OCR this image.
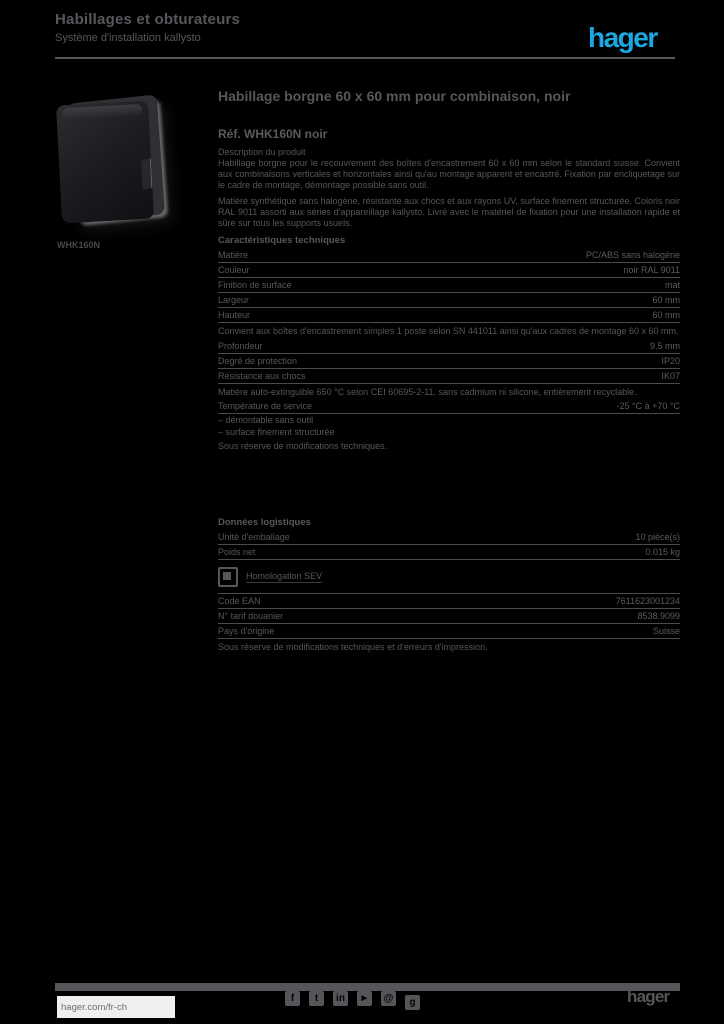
Habillages et obturateurs
Système d'installation kallysto	hager
WHK160N
Habillage borgne 60 x 60 mm pour combinaison, noir
Réf. WHK160N noir
Description du produit
Habillage borgne pour le recouvrement des boîtes d'encastrement 60 x 60 mm selon le standard suisse. Convient aux combinaisons verticales et horizontales ainsi qu'au montage apparent et encastré. Fixation par encliquetage sur le cadre de montage, démontage possible sans outil.
Matière synthétique sans halogène, résistante aux chocs et aux rayons UV, surface finement structurée. Coloris noir RAL 9011 assorti aux séries d'appareillage kallysto. Livré avec le matériel de fixation pour une installation rapide et sûre sur tous les supports usuels.
Caractéristiques techniques
Matière	PC/ABS sans halogène
Couleur	noir RAL 9011
Finition de surface	mat
Largeur	60 mm
Hauteur	60 mm
Convient aux boîtes d'encastrement simples 1 poste selon SN 441011 ainsi qu'aux cadres de montage 60 x 60 mm.
Profondeur	9.5 mm
Degré de protection	IP20
Résistance aux chocs	IK07
Matière auto-extinguible 650 °C selon CEI 60695-2-11, sans cadmium ni silicone, entièrement recyclable.
Température de service	-25 °C à +70 °C
– démontable sans outil
– surface finement structurée
Sous réserve de modifications techniques.
Données logistiques
Unité d'emballage	10 pièce(s)
Poids net	0.015 kg
Homologation SEV
Code EAN	7611623001234
N° tarif douanier	8538.9099
Pays d'origine	Suisse
Sous réserve de modifications techniques et d'erreurs d'impression.
hager.com/fr-ch
f	t	in	► @	g	hager
